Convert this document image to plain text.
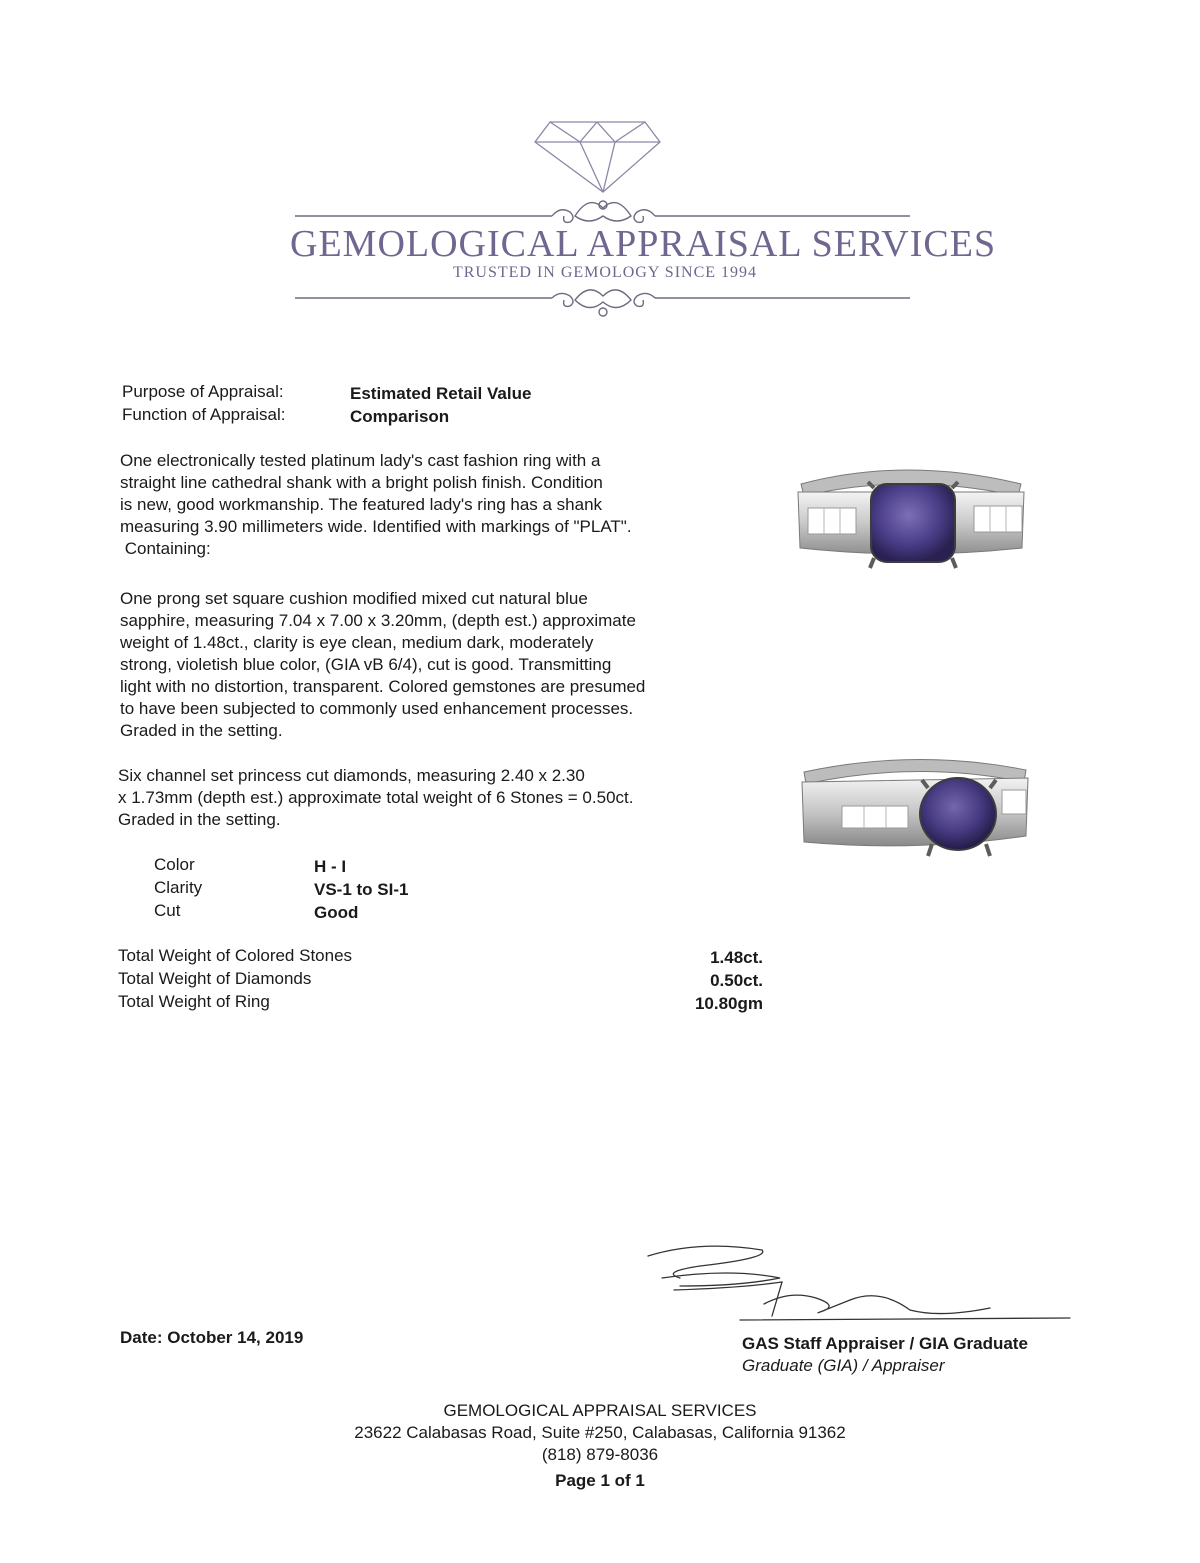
GEMOLOGICAL APPRAISAL SERVICES
TRUSTED IN GEMOLOGY SINCE 1994
Purpose of Appraisal:	Estimated Retail Value
Function of Appraisal:	Comparison
One electronically tested platinum lady's cast fashion ring with a
straight line cathedral shank with a bright polish finish. Condition
is new, good workmanship. The featured lady's ring has a shank
measuring 3.90 millimeters wide. Identified with markings of "PLAT".
Containing:
One prong set square cushion modified mixed cut natural blue
sapphire, measuring 7.04 x 7.00 x 3.20mm, (depth est.) approximate
weight of 1.48ct., clarity is eye clean, medium dark, moderately
strong, violetish blue color, (GIA vB 6/4), cut is good. Transmitting
light with no distortion, transparent. Colored gemstones are presumed
to have been subjected to commonly used enhancement processes.
Graded in the setting.
Six channel set princess cut diamonds, measuring 2.40 x 2.30
x 1.73mm (depth est.) approximate total weight of 6 Stones = 0.50ct.
Graded in the setting.
Color	H - I
Clarity	VS-1 to SI-1
Cut	Good
Total Weight of Colored Stones	1.48ct.
Total Weight of Diamonds	0.50ct.
Total Weight of Ring	10.80gm
Date: October 14, 2019	GAS Staff Appraiser / GIA Graduate
Graduate (GIA) / Appraiser
GEMOLOGICAL APPRAISAL SERVICES
23622 Calabasas Road, Suite #250, Calabasas, California 91362
(818) 879-8036
Page 1 of 1
